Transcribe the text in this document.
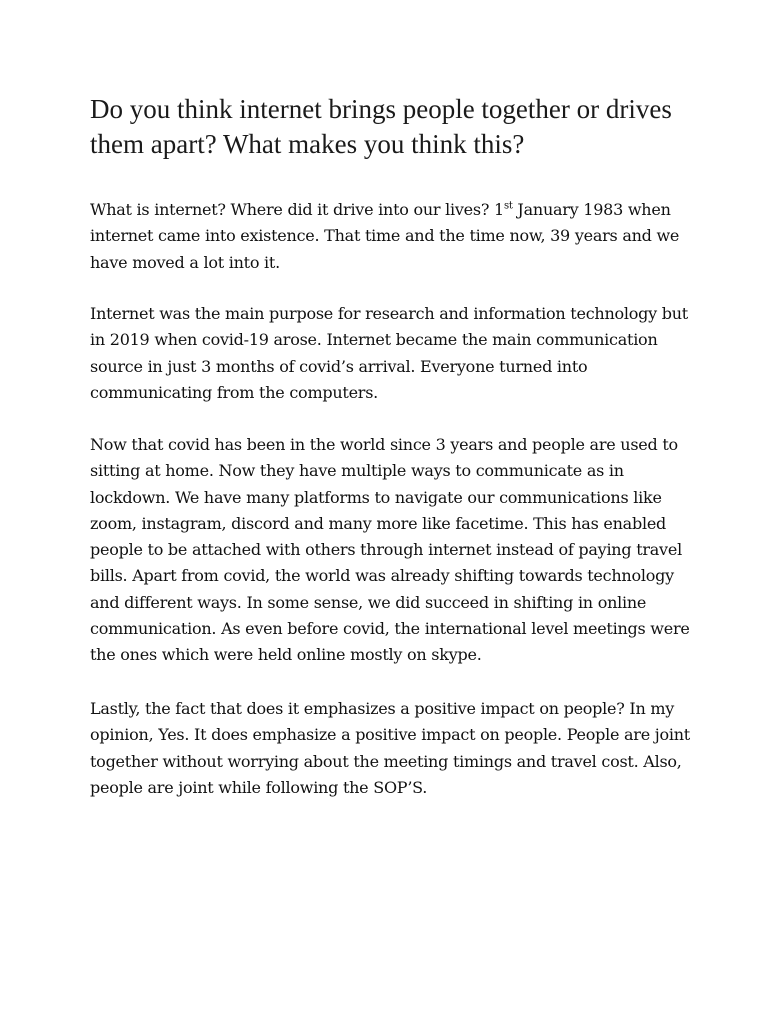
Do you think internet brings people together or drives them apart? What makes you think this?

What is internet? Where did it drive into our lives? 1st January 1983 when internet came into existence. That time and the time now, 39 years and we have moved a lot into it.

Internet was the main purpose for research and information technology but in 2019 when covid-19 arose. Internet became the main communication source in just 3 months of covid’s arrival. Everyone turned into communicating from the computers.

Now that covid has been in the world since 3 years and people are used to sitting at home. Now they have multiple ways to communicate as in lockdown. We have many platforms to navigate our communications like zoom, instagram, discord and many more like facetime. This has enabled people to be attached with others through internet instead of paying travel bills. Apart from covid, the world was already shifting towards technology and different ways. In some sense, we did succeed in shifting in online communication. As even before covid, the international level meetings were the ones which were held online mostly on skype.

Lastly, the fact that does it emphasizes a positive impact on people? In my opinion, Yes. It does emphasize a positive impact on people. People are joint together without worrying about the meeting timings and travel cost. Also, people are joint while following the SOP’S.
